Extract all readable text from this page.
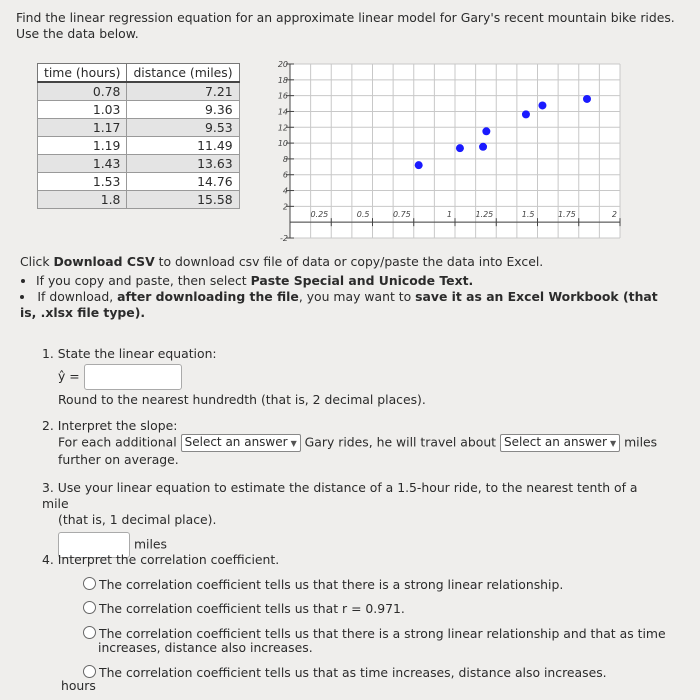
Find the linear regression equation for an approximate linear model for Gary's recent mountain bike rides.
Use the data below.
time (hours)	distance (miles)
0.78	7.21
1.03	9.36
1.17	9.53
1.19	11.49
1.43	13.63
1.53	14.76
1.8	15.58
20
18
16
14
12
10
8
6
4
2
-2
0.25	0.5	0.75	1	1.25	1.5	1.75	2
Click Download CSV to download csv file of data or copy/paste the data into Excel.
• If you copy and paste, then select Paste Special and Unicode Text.
• If download, after downloading the file, you may want to save it as an Excel Workbook (that is, .xlsx file type).
1. State the linear equation:
ŷ =
Round to the nearest hundredth (that is, 2 decimal places).
2. Interpret the slope:
For each additional Select an answer ▼ Gary rides, he will travel about Select an answer ▼ miles
further on average.
3. Use your linear equation to estimate the distance of a 1.5-hour ride, to the nearest tenth of a mile
(that is, 1 decimal place).
miles
4. Interpret the correlation coefficient.
The correlation coefficient tells us that there is a strong linear relationship.
The correlation coefficient tells us that r = 0.971.
The correlation coefficient tells us that there is a strong linear relationship and that as time
increases, distance also increases.
The correlation coefficient tells us that as time increases, distance also increases.
hours
